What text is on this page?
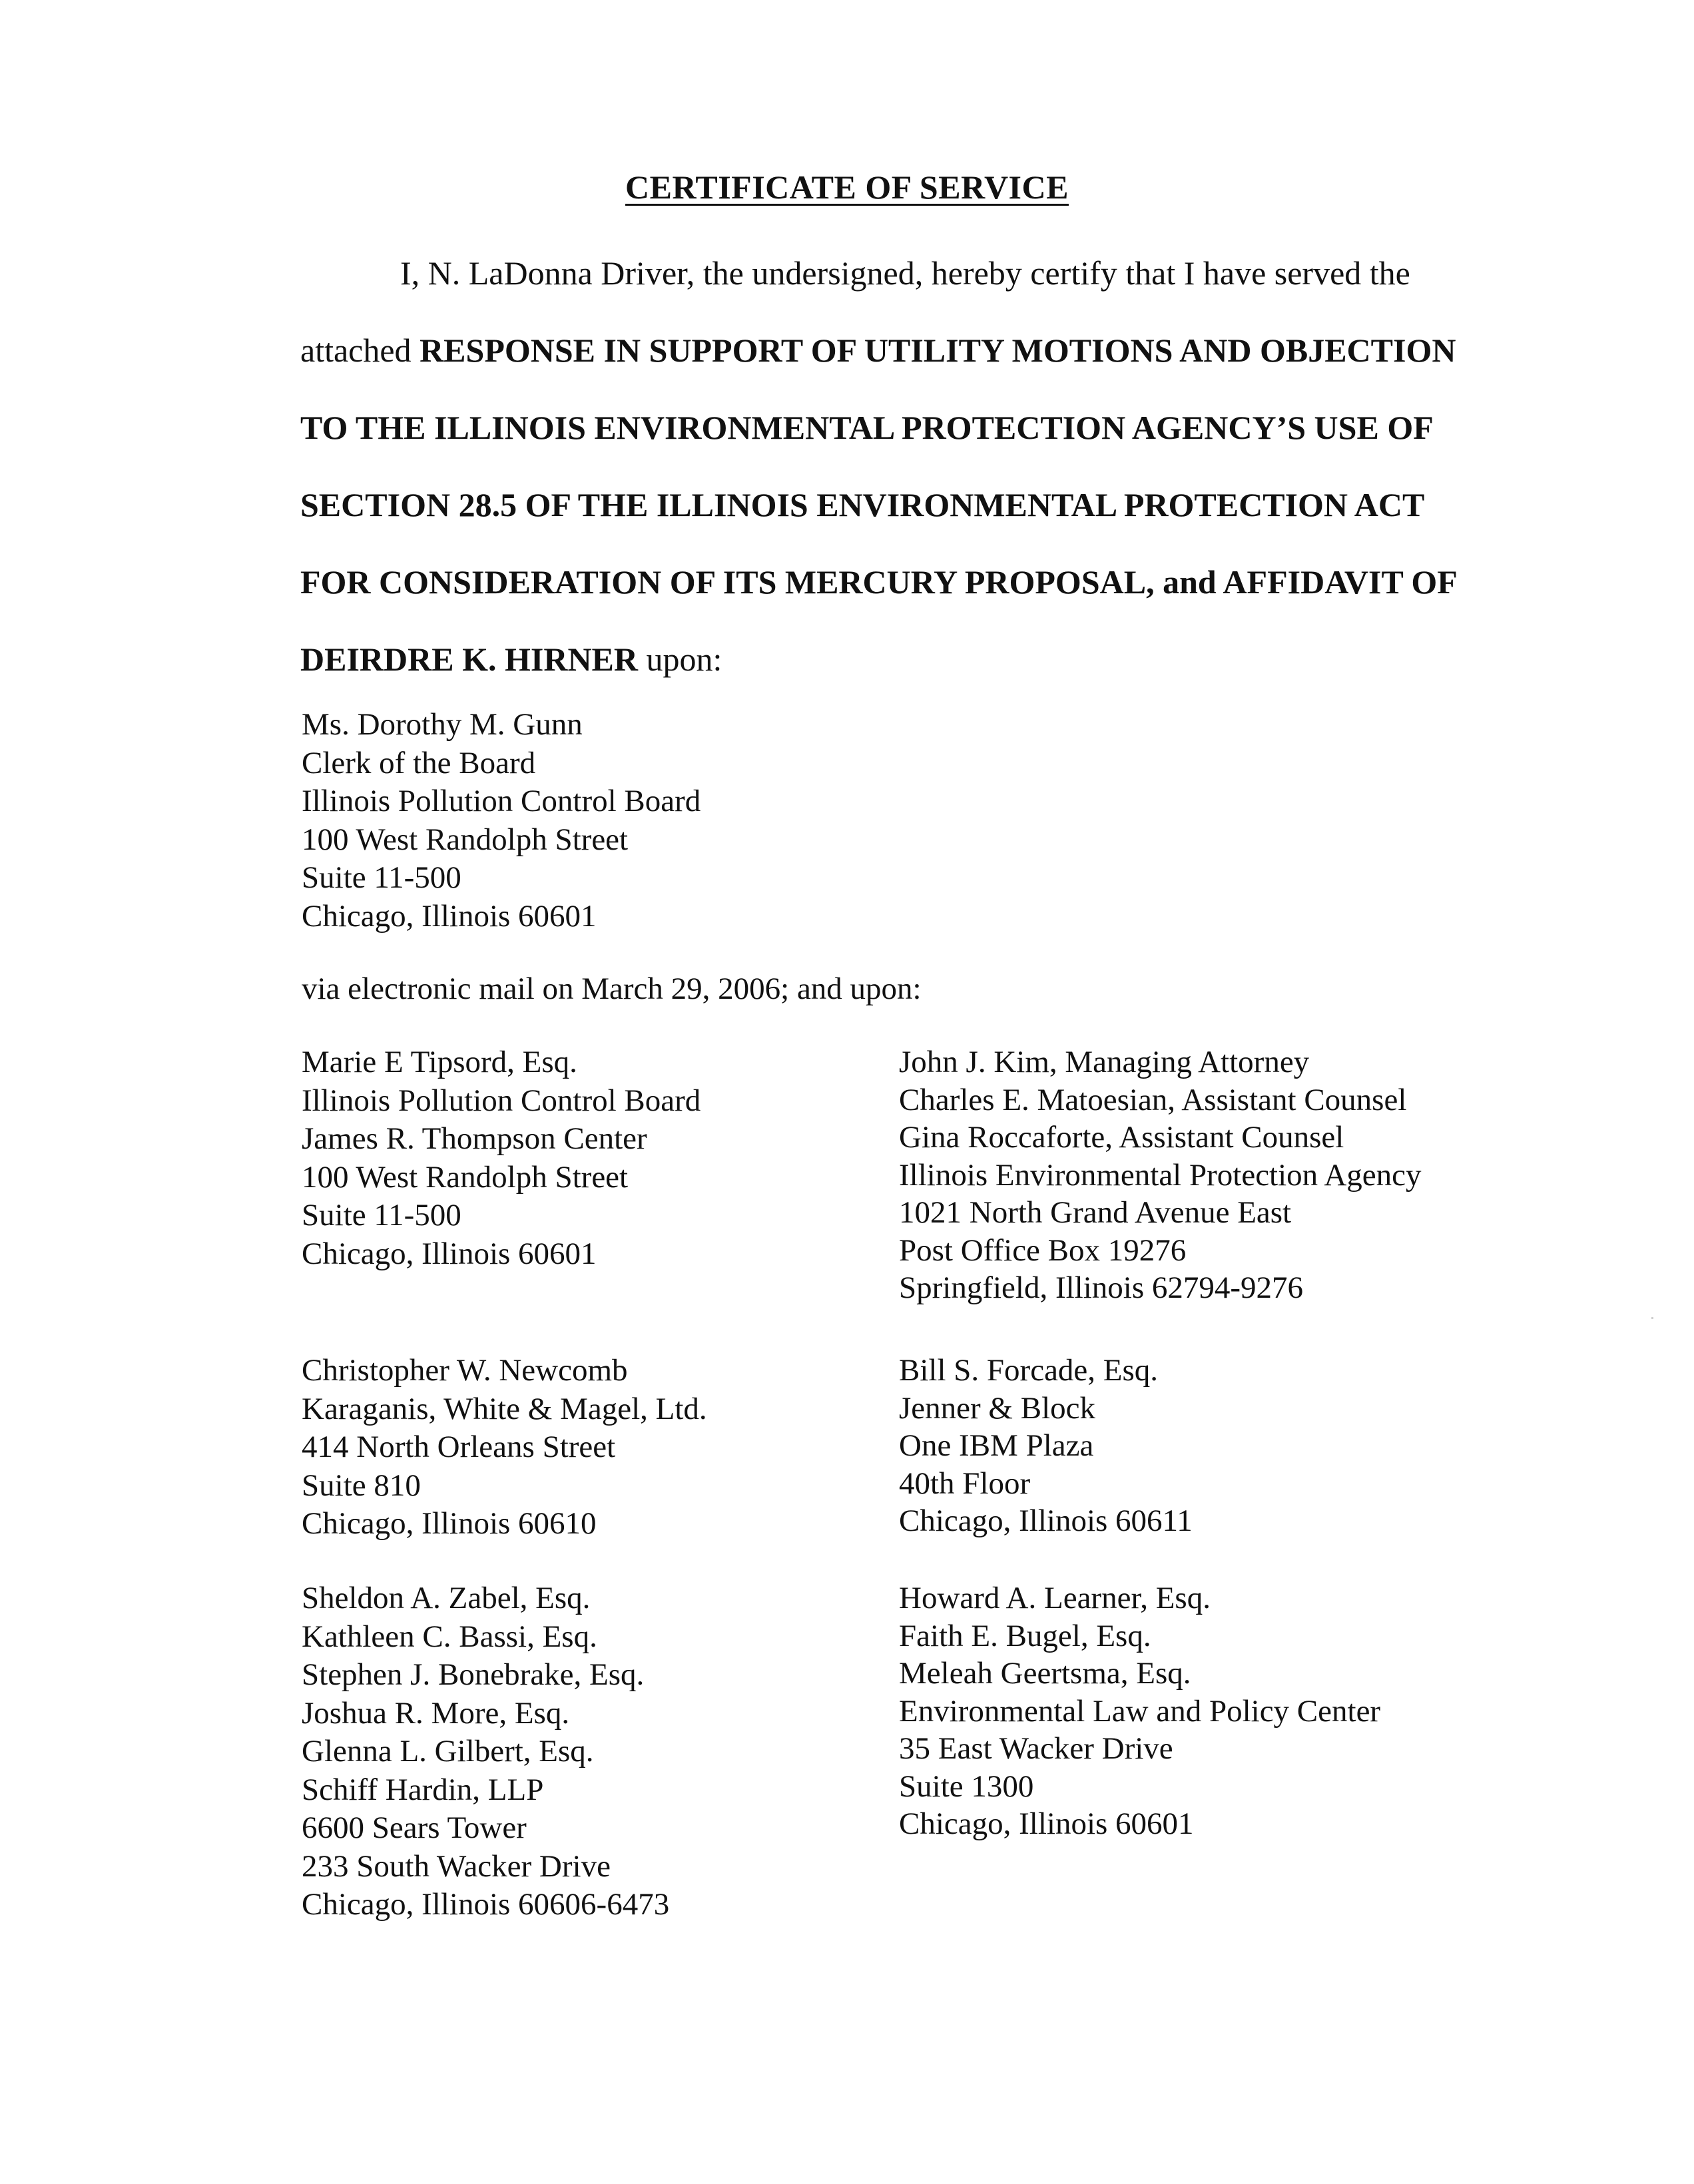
CERTIFICATE OF SERVICE
I, N. LaDonna Driver, the undersigned, hereby certify that I have served the
attached RESPONSE IN SUPPORT OF UTILITY MOTIONS AND OBJECTION
TO THE ILLINOIS ENVIRONMENTAL PROTECTION AGENCY’S USE OF
SECTION 28.5 OF THE ILLINOIS ENVIRONMENTAL PROTECTION ACT
FOR CONSIDERATION OF ITS MERCURY PROPOSAL, and AFFIDAVIT OF
DEIRDRE K. HIRNER upon:
Ms. Dorothy M. Gunn
Clerk of the Board
Illinois Pollution Control Board
100 West Randolph Street
Suite 11-500
Chicago, Illinois 60601
via electronic mail on March 29, 2006; and upon:
Marie E Tipsord, Esq.
Illinois Pollution Control Board
James R. Thompson Center
100 West Randolph Street
Suite 11-500
Chicago, Illinois 60601
John J. Kim, Managing Attorney
Charles E. Matoesian, Assistant Counsel
Gina Roccaforte, Assistant Counsel
Illinois Environmental Protection Agency
1021 North Grand Avenue East
Post Office Box 19276
Springfield, Illinois 62794-9276
Christopher W. Newcomb
Karaganis, White & Magel, Ltd.
414 North Orleans Street
Suite 810
Chicago, Illinois 60610
Bill S. Forcade, Esq.
Jenner & Block
One IBM Plaza
40th Floor
Chicago, Illinois 60611
Sheldon A. Zabel, Esq.
Kathleen C. Bassi, Esq.
Stephen J. Bonebrake, Esq.
Joshua R. More, Esq.
Glenna L. Gilbert, Esq.
Schiff Hardin, LLP
6600 Sears Tower
233 South Wacker Drive
Chicago, Illinois 60606-6473
Howard A. Learner, Esq.
Faith E. Bugel, Esq.
Meleah Geertsma, Esq.
Environmental Law and Policy Center
35 East Wacker Drive
Suite 1300
Chicago, Illinois 60601
